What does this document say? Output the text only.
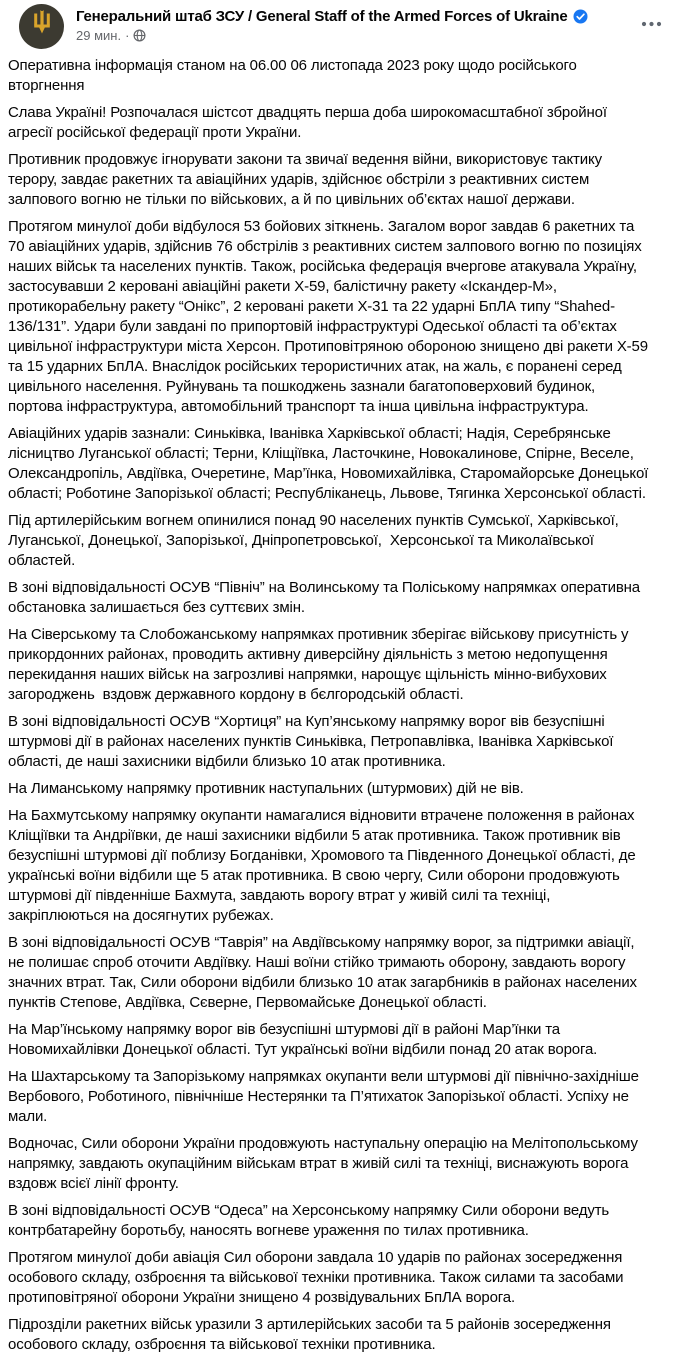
Генеральний штаб ЗСУ / General Staff of the Armed Forces of Ukraine
29 мин. ·

Оперативна інформація станом на 06.00 06 листопада 2023 року щодо російського вторгнення

Слава Україні! Розпочалася шістсот двадцять перша доба широкомасштабної збройної агресії російської федерації проти України.

Противник продовжує ігнорувати закони та звичаї ведення війни, використовує тактику терору, завдає ракетних та авіаційних ударів, здійснює обстріли з реактивних систем залпового вогню не тільки по військових, а й по цивільних об’єктах нашої держави.

Протягом минулої доби відбулося 53 бойових зіткнень. Загалом ворог завдав 6 ракетних та 70 авіаційних ударів, здійснив 76 обстрілів з реактивних систем залпового вогню по позиціях наших військ та населених пунктів. Також, російська федерація вчергове атакувала Україну, застосувавши 2 керовані авіаційні ракети Х-59, балістичну ракету «Іскандер-М», протикорабельну ракету “Онікс”, 2 керовані ракети Х-31 та 22 ударні БпЛА типу “Shahed-136/131”. Удари були завдані по припортовій інфраструктурі Одеської області та об’єктах цивільної інфраструктури міста Херсон. Протиповітряною обороною знищено дві ракети Х-59 та 15 ударних БпЛА. Внаслідок російських терористичних атак, на жаль, є поранені серед цивільного населення. Руйнувань та пошкоджень зазнали багатоповерховий будинок, портова інфраструктура, автомобільний транспорт та інша цивільна інфраструктура.

Авіаційних ударів зазнали: Синьківка, Іванівка Харківської області; Надія, Серебрянське лісництво Луганської області; Терни, Кліщіївка, Ласточкине, Новокалинове, Спірне, Веселе, Олександропіль, Авдіївка, Очеретине, Мар’їнка, Новомихайлівка, Старомайорське Донецької області; Роботине Запорізької області; Республіканець, Львове, Тягинка Херсонської області.

Під артилерійським вогнем опинилися понад 90 населених пунктів Сумської, Харківської, Луганської, Донецької, Запорізької, Дніпропетровської,  Херсонської та Миколаївської областей.

В зоні відповідальності ОСУВ “Північ” на Волинському та Поліському напрямках оперативна обстановка залишається без суттєвих змін.

На Сіверському та Слобожанському напрямках противник зберігає військову присутність у прикордонних районах, проводить активну диверсійну діяльність з метою недопущення перекидання наших військ на загрозливі напрямки, нарощує щільність мінно-вибухових загороджень  вздовж державного кордону в бєлгородській області.

В зоні відповідальності ОСУВ “Хортиця” на Куп’янському напрямку ворог вів безуспішні штурмові дії в районах населених пунктів Синьківка, Петропавлівка, Іванівка Харківської області, де наші захисники відбили близько 10 атак противника.

На Лиманському напрямку противник наступальних (штурмових) дій не вів.

На Бахмутському напрямку окупанти намагалися відновити втрачене положення в районах Кліщіївки та Андріївки, де наші захисники відбили 5 атак противника. Також противник вів безуспішні штурмові дії поблизу Богданівки, Хромового та Південного Донецької області, де українські воїни відбили ще 5 атак противника. В свою чергу, Сили оборони продовжують штурмові дії південніше Бахмута, завдають ворогу втрат у живій силі та техніці, закріплюються на досягнутих рубежах.

В зоні відповідальності ОСУВ “Таврія” на Авдіївському напрямку ворог, за підтримки авіації, не полишає спроб оточити Авдіївку. Наші воїни стійко тримають оборону, завдають ворогу значних втрат. Так, Сили оборони відбили близько 10 атак загарбників в районах населених пунктів Степове, Авдіївка, Сєверне, Первомайське Донецької області.

На Мар’їнському напрямку ворог вів безуспішні штурмові дії в районі Мар’їнки та Новомихайлівки Донецької області. Тут українські воїни відбили понад 20 атак ворога.

На Шахтарському та Запорізькому напрямках окупанти вели штурмові дії північно-західніше Вербового, Роботиного, північніше Нестерянки та П’ятихаток Запорізької області. Успіху не мали.

Водночас, Сили оборони України продовжують наступальну операцію на Мелітопольському напрямку, завдають окупаційним військам втрат в живій силі та техніці, виснажують ворога вздовж всієї лінії фронту.

В зоні відповідальності ОСУВ “Одеса” на Херсонському напрямку Сили оборони ведуть контрбатарейну боротьбу, наносять вогневе ураження по тилах противника.

Протягом минулої доби авіація Сил оборони завдала 10 ударів по районах зосередження особового складу, озброєння та військової техніки противника. Також силами та засобами протиповітряної оборони України знищено 4 розвідувальних БпЛА ворога.

Підрозділи ракетних військ уразили 3 артилерійських засоби та 5 районів зосередження особового складу, озброєння та військової техніки противника.
